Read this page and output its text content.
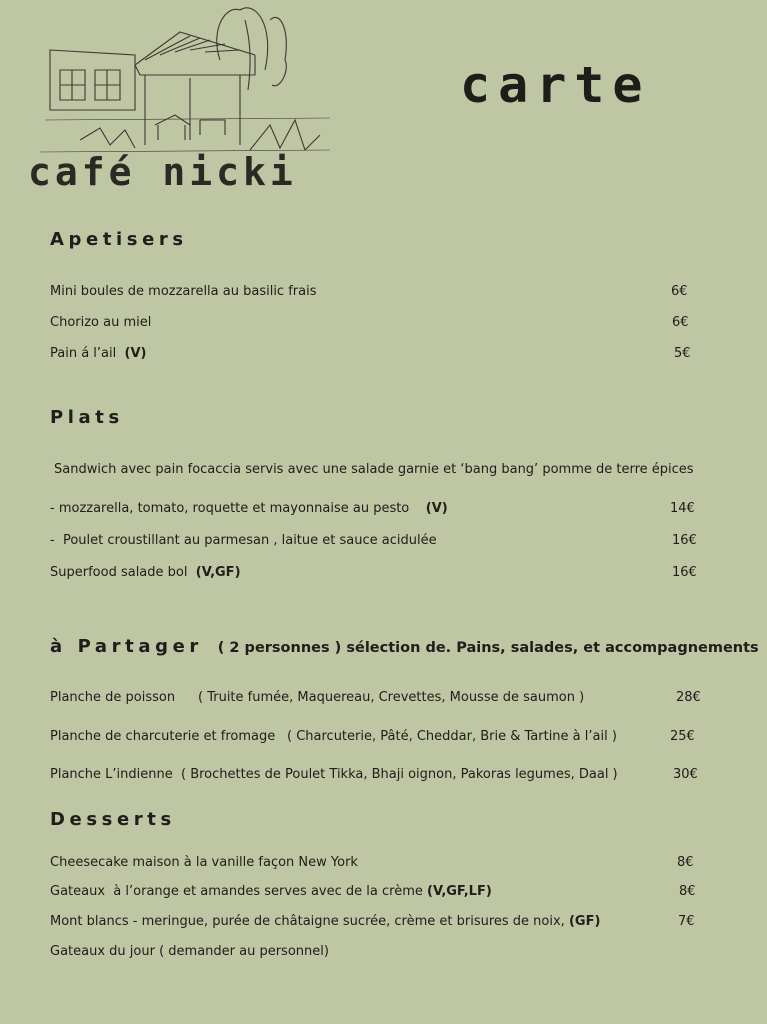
café nicki
carte
Apetisers
Mini boules de mozzarella au basilic frais	6€
Chorizo au miel	6€
Pain á l’ail (V)	5€
Plats
Sandwich avec pain focaccia servis avec une salade garnie et ‘bang bang’ pomme de terre épices
- mozzarella, tomato, roquette et mayonnaise au pesto (V)	14€
-  Poulet croustillant au parmesan , laitue et sauce acidulée	16€
Superfood salade bol (V,GF)	16€
à Partager ( 2 personnes ) sélection de. Pains, salades, et accompagnements
Planche de poisson ( Truite fumée, Maquereau, Crevettes, Mousse de saumon )	28€
Planche de charcuterie et fromage ( Charcuterie, Pâté, Cheddar, Brie & Tartine à l’ail )	25€
Planche L’indienne ( Brochettes de Poulet Tikka, Bhaji oignon, Pakoras legumes, Daal )	30€
Desserts
Cheesecake maison à la vanille façon New York	8€
Gateaux  à l’orange et amandes serves avec de la crème (V,GF,LF)	8€
Mont blancs - meringue, purée de châtaigne sucrée, crème et brisures de noix, (GF)	7€
Gateaux du jour ( demander au personnel)
